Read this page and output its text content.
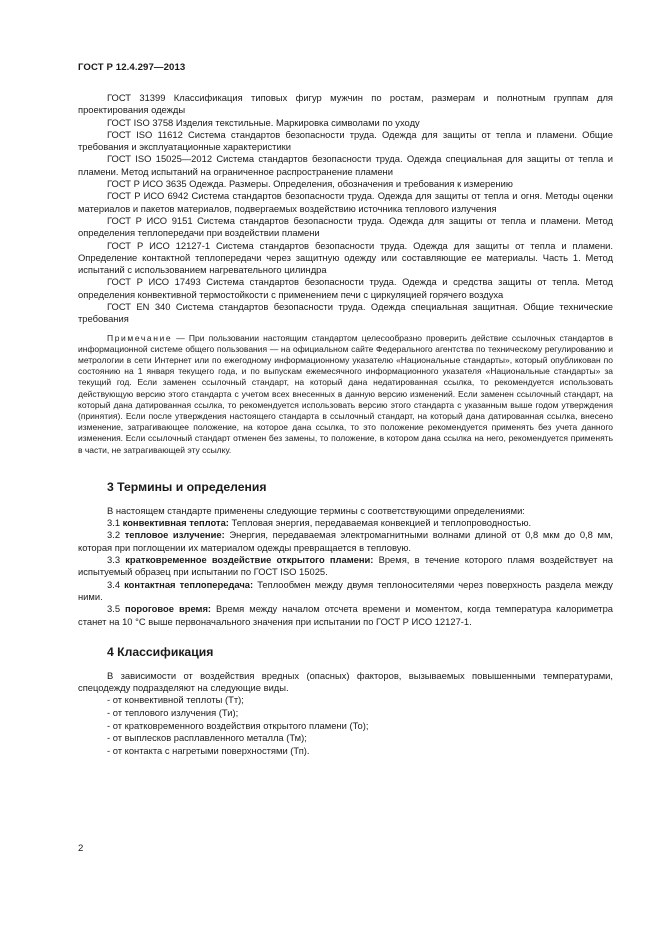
ГОСТ Р 12.4.297—2013

ГОСТ 31399 Классификация типовых фигур мужчин по ростам, размерам и полнотным группам для проектирования одежды

ГОСТ ISO 3758 Изделия текстильные. Маркировка символами по уходу

ГОСТ ISO 11612 Система стандартов безопасности труда. Одежда для защиты от тепла и пламени. Общие требования и эксплуатационные характеристики

ГОСТ ISO 15025—2012 Система стандартов безопасности труда. Одежда специальная для защиты от тепла и пламени. Метод испытаний на ограниченное распространение пламени

ГОСТ Р ИСО 3635 Одежда. Размеры. Определения, обозначения и требования к измерению

ГОСТ Р ИСО 6942 Система стандартов безопасности труда. Одежда для защиты от тепла и огня. Методы оценки материалов и пакетов материалов, подвергаемых воздействию источника теплового излучения

ГОСТ Р ИСО 9151 Система стандартов безопасности труда. Одежда для защиты от тепла и пламени. Метод определения теплопередачи при воздействии пламени

ГОСТ Р ИСО 12127-1 Система стандартов безопасности труда. Одежда для защиты от тепла и пламени. Определение контактной теплопередачи через защитную одежду или составляющие ее материалы. Часть 1. Метод испытаний с использованием нагревательного цилиндра

ГОСТ Р ИСО 17493 Система стандартов безопасности труда. Одежда и средства защиты от тепла. Метод определения конвективной термостойкости с применением печи с циркуляцией горячего воздуха

ГОСТ EN 340 Система стандартов безопасности труда. Одежда специальная защитная. Общие технические требования

Примечание — При пользовании настоящим стандартом целесообразно проверить действие ссылочных стандартов в информационной системе общего пользования — на официальном сайте Федерального агентства по техническому регулированию и метрологии в сети Интернет или по ежегодному информационному указателю «Национальные стандарты», который опубликован по состоянию на 1 января текущего года, и по выпускам ежемесячного информационного указателя «Национальные стандарты» за текущий год. Если заменен ссылочный стандарт, на который дана недатированная ссылка, то рекомендуется использовать действующую версию этого стандарта с учетом всех внесенных в данную версию изменений. Если заменен ссылочный стандарт, на который дана датированная ссылка, то рекомендуется использовать версию этого стандарта с указанным выше годом утверждения (принятия). Если после утверждения настоящего стандарта в ссылочный стандарт, на который дана датированная ссылка, внесено изменение, затрагивающее положение, на которое дана ссылка, то это положение рекомендуется применять без учета данного изменения. Если ссылочный стандарт отменен без замены, то положение, в котором дана ссылка на него, рекомендуется применять в части, не затрагивающей эту ссылку.

3 Термины и определения

В настоящем стандарте применены следующие термины с соответствующими определениями:

3.1 конвективная теплота: Тепловая энергия, передаваемая конвекцией и теплопроводностью.

3.2 тепловое излучение: Энергия, передаваемая электромагнитными волнами длиной от 0,8 мкм до 0,8 мм, которая при поглощении их материалом одежды превращается в тепловую.

3.3 кратковременное воздействие открытого пламени: Время, в течение которого пламя воздействует на испытуемый образец при испытании по ГОСТ ISO 15025.

3.4 контактная теплопередача: Теплообмен между двумя теплоносителями через поверхность раздела между ними.

3.5 пороговое время: Время между началом отсчета времени и моментом, когда температура калориметра станет на 10 °С выше первоначального значения при испытании по ГОСТ Р ИСО 12127-1.

4 Классификация

В зависимости от воздействия вредных (опасных) факторов, вызываемых повышенными температурами, спецодежду подразделяют на следующие виды.

- от конвективной теплоты (Тт);
- от теплового излучения (Ти);
- от кратковременного воздействия открытого пламени (То);
- от выплесков расплавленного металла (Тм);
- от контакта с нагретыми поверхностями (Тп).
2
